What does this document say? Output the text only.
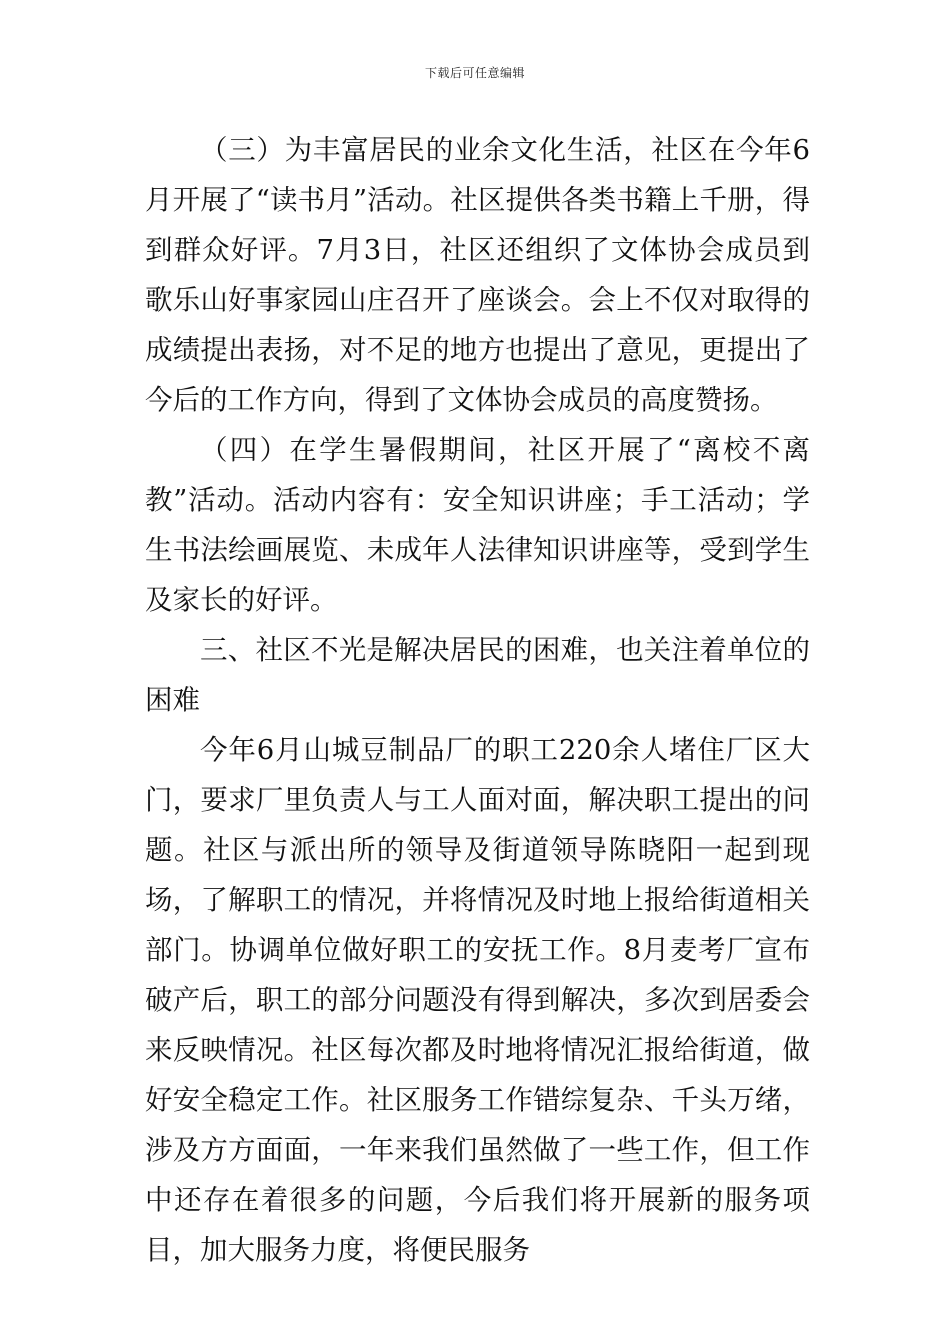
下载后可任意编辑

（三）为丰富居民的业余文化生活，社区在今年6月开展了“读书月”活动。社区提供各类书籍上千册，得到群众好评。7月3日，社区还组织了文体协会成员到歌乐山好事家园山庄召开了座谈会。会上不仅对取得的成绩提出表扬，对不足的地方也提出了意见，更提出了今后的工作方向，得到了文体协会成员的高度赞扬。

（四）在学生暑假期间，社区开展了“离校不离教”活动。活动内容有：安全知识讲座；手工活动；学生书法绘画展览、未成年人法律知识讲座等，受到学生及家长的好评。

三、社区不光是解决居民的困难，也关注着单位的困难

今年6月山城豆制品厂的职工220余人堵住厂区大门，要求厂里负责人与工人面对面，解决职工提出的问题。社区与派出所的领导及街道领导陈晓阳一起到现场，了解职工的情况，并将情况及时地上报给街道相关部门。协调单位做好职工的安抚工作。8月麦考厂宣布破产后，职工的部分问题没有得到解决，多次到居委会来反映情况。社区每次都及时地将情况汇报给街道，做好安全稳定工作。社区服务工作错综复杂、千头万绪，涉及方方面面，一年来我们虽然做了一些工作，但工作中还存在着很多的问题，今后我们将开展新的服务项目，加大服务力度，将便民服务
